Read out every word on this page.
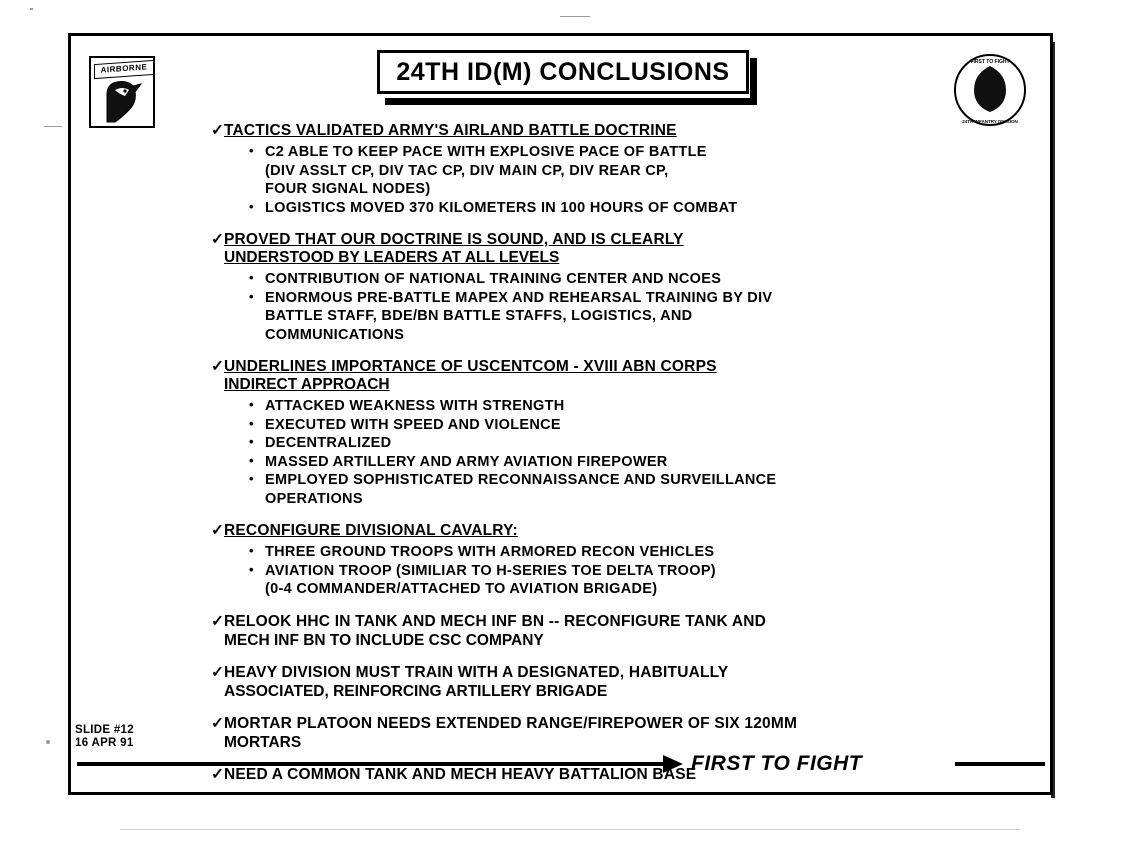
AIRBORNE	24TH ID(M) CONCLUSIONS	FIRST TO FIGHT
24TH INFANTRY DIVISION
✓TACTICS VALIDATED ARMY'S AIRLAND BATTLE DOCTRINE
• C2 ABLE TO KEEP PACE WITH EXPLOSIVE PACE OF BATTLE
(DIV ASSLT CP, DIV TAC CP, DIV MAIN CP, DIV REAR CP,
FOUR SIGNAL NODES)
• LOGISTICS MOVED 370 KILOMETERS IN 100 HOURS OF COMBAT
✓PROVED THAT OUR DOCTRINE IS SOUND, AND IS CLEARLY
UNDERSTOOD BY LEADERS AT ALL LEVELS
• CONTRIBUTION OF NATIONAL TRAINING CENTER AND NCOES
• ENORMOUS PRE-BATTLE MAPEX AND REHEARSAL TRAINING BY DIV
BATTLE STAFF, BDE/BN BATTLE STAFFS, LOGISTICS, AND
COMMUNICATIONS
✓UNDERLINES IMPORTANCE OF USCENTCOM - XVIII ABN CORPS
INDIRECT APPROACH
• ATTACKED WEAKNESS WITH STRENGTH
• EXECUTED WITH SPEED AND VIOLENCE
• DECENTRALIZED
• MASSED ARTILLERY AND ARMY AVIATION FIREPOWER
• EMPLOYED SOPHISTICATED RECONNAISSANCE AND SURVEILLANCE
OPERATIONS
✓RECONFIGURE DIVISIONAL CAVALRY:
• THREE GROUND TROOPS WITH ARMORED RECON VEHICLES
• AVIATION TROOP (SIMILIAR TO H-SERIES TOE DELTA TROOP)
(0-4 COMMANDER/ATTACHED TO AVIATION BRIGADE)
✓RELOOK HHC IN TANK AND MECH INF BN -- RECONFIGURE TANK AND
MECH INF BN TO INCLUDE CSC COMPANY
✓HEAVY DIVISION MUST TRAIN WITH A DESIGNATED, HABITUALLY
ASSOCIATED, REINFORCING ARTILLERY BRIGADE
✓MORTAR PLATOON NEEDS EXTENDED RANGE/FIREPOWER OF SIX 120MM
MORTARS
✓NEED A COMMON TANK AND MECH HEAVY BATTALION BASE
SLIDE #12
16 APR 91
FIRST TO FIGHT
